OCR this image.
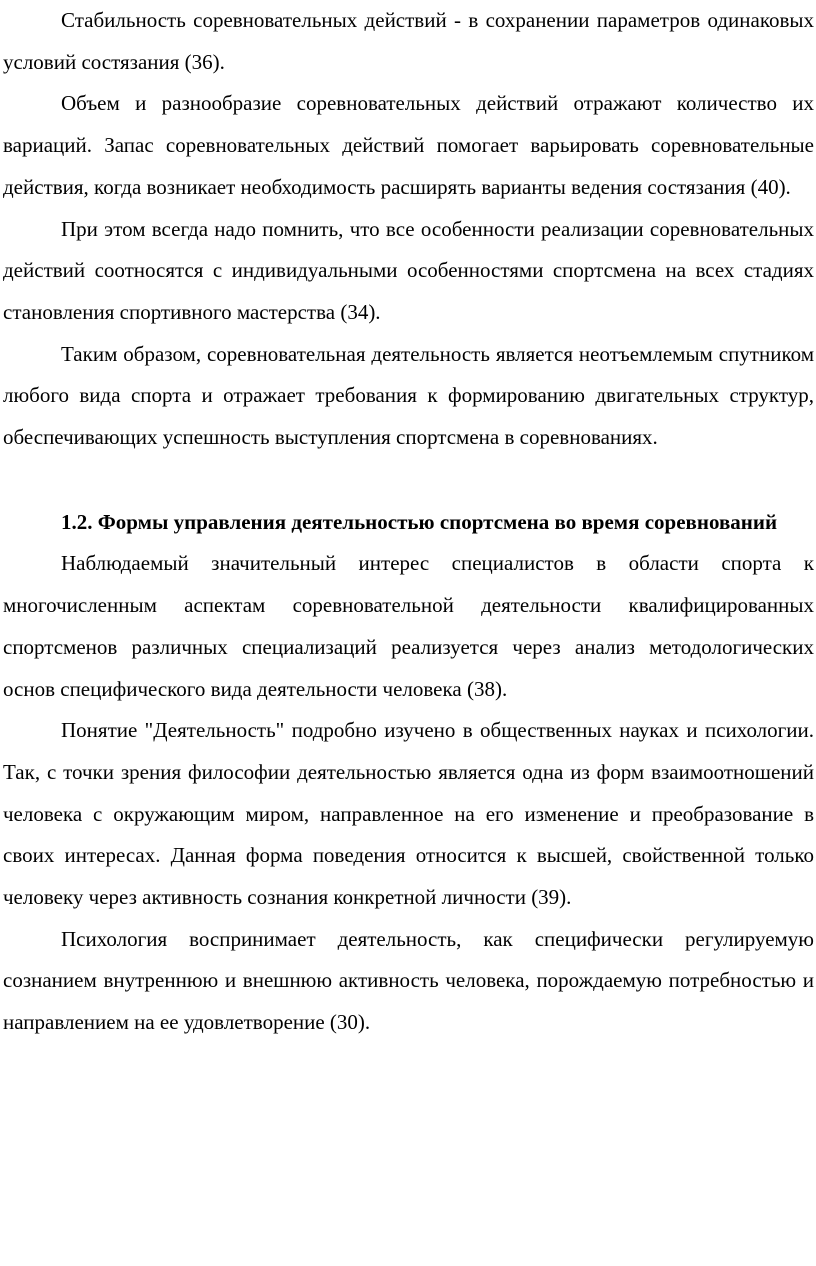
Стабильность соревновательных действий - в сохранении параметров одинаковых условий состязания (36).

Объем и разнообразие соревновательных действий отражают количество их вариаций. Запас соревновательных действий помогает варьировать соревновательные действия, когда возникает необходимость расширять варианты ведения состязания (40).

При этом всегда надо помнить, что все особенности реализации соревновательных действий соотносятся с индивидуальными особенностями спортсмена на всех стадиях становления спортивного мастерства (34).

Таким образом, соревновательная деятельность является неотъемлемым спутником любого вида спорта и отражает требования к формированию двигательных структур, обеспечивающих успешность выступления спортсмена в соревнованиях.

1.2. Формы управления деятельностью спортсмена во время соревнований

Наблюдаемый значительный интерес специалистов в области спорта к многочисленным аспектам соревновательной деятельности квалифицированных спортсменов различных специализаций реализуется через анализ методологических основ специфического вида деятельности человека (38).

Понятие "Деятельность" подробно изучено в общественных науках и психологии. Так, с точки зрения философии деятельностью является одна из форм взаимоотношений человека с окружающим миром, направленное на его изменение и преобразование в своих интересах. Данная форма поведения относится к высшей, свойственной только человеку через активность сознания конкретной личности (39).

Психология воспринимает деятельность, как специфически регулируемую сознанием внутреннюю и внешнюю активность человека, порождаемую потребностью и направлением на ее удовлетворение (30).
